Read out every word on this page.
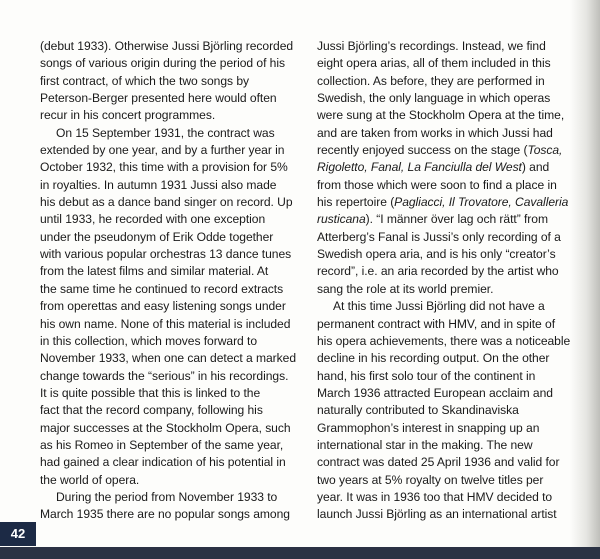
(debut 1933). Otherwise Jussi Björling recorded
songs of various origin during the period of his
first contract, of which the two songs by
Peterson-Berger presented here would often
recur in his concert programmes.

On 15 September 1931, the contract was
extended by one year, and by a further year in
October 1932, this time with a provision for 5%
in royalties. In autumn 1931 Jussi also made
his debut as a dance band singer on record. Up
until 1933, he recorded with one exception
under the pseudonym of Erik Odde together
with various popular orchestras 13 dance tunes
from the latest films and similar material. At
the same time he continued to record extracts
from operettas and easy listening songs under
his own name. None of this material is included
in this collection, which moves forward to
November 1933, when one can detect a marked
change towards the “serious” in his recordings.
It is quite possible that this is linked to the
fact that the record company, following his
major successes at the Stockholm Opera, such
as his Romeo in September of the same year,
had gained a clear indication of his potential in
the world of opera.

During the period from November 1933 to
March 1935 there are no popular songs among

Jussi Björling’s recordings. Instead, we find
eight opera arias, all of them included in this
collection. As before, they are performed in
Swedish, the only language in which operas
were sung at the Stockholm Opera at the time,
and are taken from works in which Jussi had
recently enjoyed success on the stage (Tosca,
Rigoletto, Fanal, La Fanciulla del West) and
from those which were soon to find a place in
his repertoire (Pagliacci, Il Trovatore, Cavalleria
rusticana). “I männer över lag och rätt” from
Atterberg’s Fanal is Jussi’s only recording of a
Swedish opera aria, and is his only “creator’s
record”, i.e. an aria recorded by the artist who
sang the role at its world premier.

At this time Jussi Björling did not have a
permanent contract with HMV, and in spite of
his opera achievements, there was a noticeable
decline in his recording output. On the other
hand, his first solo tour of the continent in
March 1936 attracted European acclaim and
naturally contributed to Skandinaviska
Grammophon’s interest in snapping up an
international star in the making. The new
contract was dated 25 April 1936 and valid for
two years at 5% royalty on twelve titles per
year. It was in 1936 too that HMV decided to
launch Jussi Björling as an international artist

42
